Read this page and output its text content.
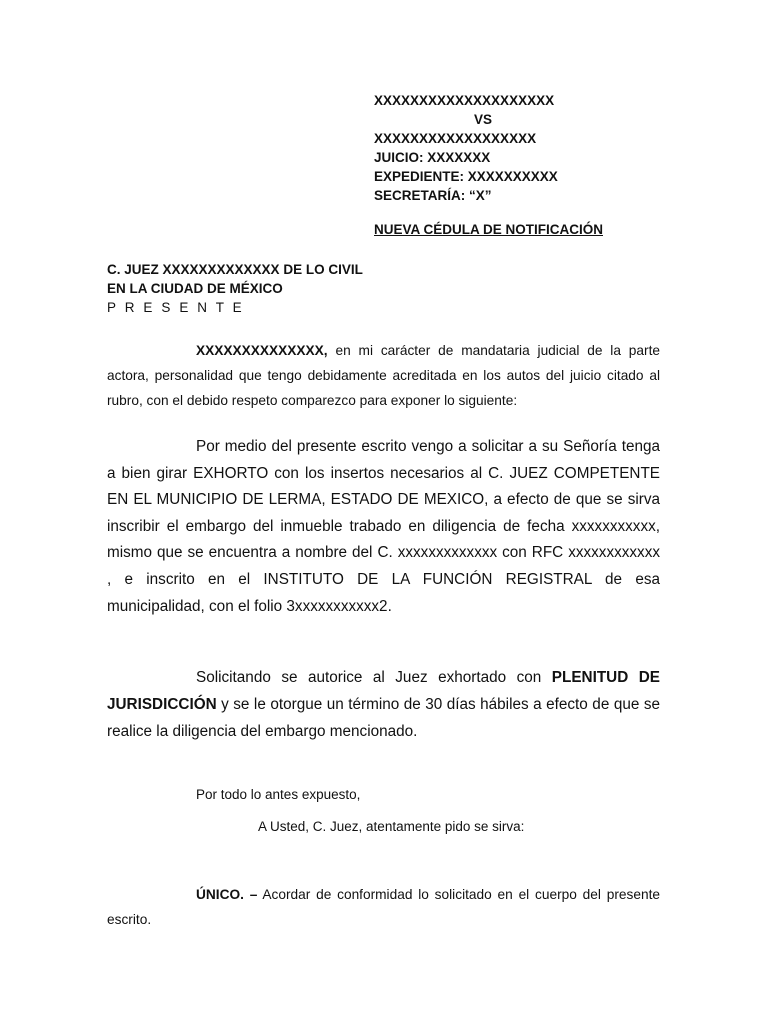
XXXXXXXXXXXXXXXXXXXX
VS
XXXXXXXXXXXXXXXXXX
JUICIO: XXXXXXX
EXPEDIENTE: XXXXXXXXXX
SECRETARÍA: “X”
NUEVA CÉDULA DE NOTIFICACIÓN
C. JUEZ XXXXXXXXXXXXX DE LO CIVIL
EN LA CIUDAD DE MÉXICO
P R E S E N T E
XXXXXXXXXXXXXX, en mi carácter de mandataria judicial de la parte actora, personalidad que tengo debidamente acreditada en los autos del juicio citado al rubro, con el debido respeto comparezco para exponer lo siguiente:
Por medio del presente escrito vengo a solicitar a su Señoría tenga a bien girar EXHORTO con los insertos necesarios al C. JUEZ COMPETENTE EN EL MUNICIPIO DE LERMA, ESTADO DE MEXICO, a efecto de que se sirva inscribir el embargo del inmueble trabado en diligencia de fecha xxxxxxxxxxx, mismo que se encuentra a nombre del C. xxxxxxxxxxxxx con RFC xxxxxxxxxxxx , e inscrito en el INSTITUTO DE LA FUNCIÓN REGISTRAL de esa municipalidad, con el folio 3xxxxxxxxxxx2.
Solicitando se autorice al Juez exhortado con PLENITUD DE JURISDICCIÓN y se le otorgue un término de 30 días hábiles a efecto de que se realice la diligencia del embargo mencionado.
Por todo lo antes expuesto,
A Usted, C. Juez, atentamente pido se sirva:
ÚNICO. – Acordar de conformidad lo solicitado en el cuerpo del presente escrito.
